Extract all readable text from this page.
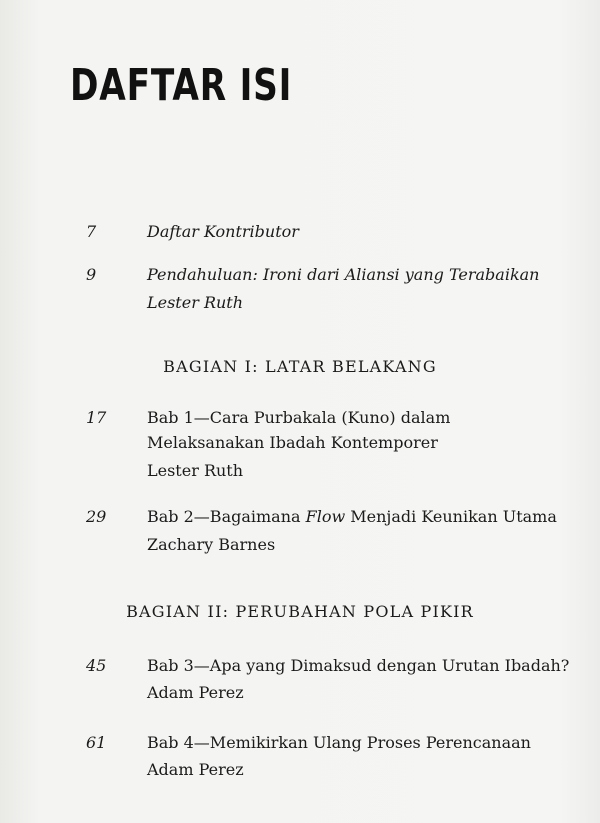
DAFTAR ISI
7	Daftar Kontributor
9	Pendahuluan: Ironi dari Aliansi yang Terabaikan
Lester Ruth
BAGIAN I: LATAR BELAKANG
17	Bab 1—Cara Purbakala (Kuno) dalam
Melaksanakan Ibadah Kontemporer
Lester Ruth
29	Bab 2—Bagaimana Flow Menjadi Keunikan Utama
Zachary Barnes
BAGIAN II: PERUBAHAN POLA PIKIR
45	Bab 3—Apa yang Dimaksud dengan Urutan Ibadah?
Adam Perez
61	Bab 4—Memikirkan Ulang Proses Perencanaan
Adam Perez
